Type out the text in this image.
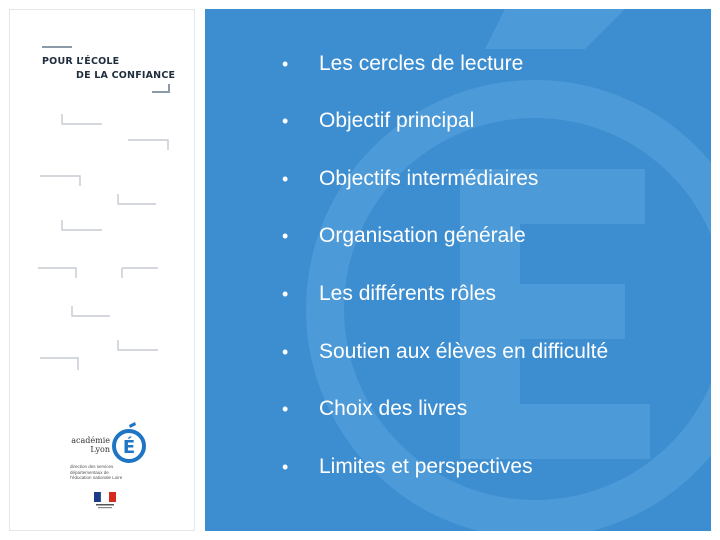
POUR L’ÉCOLE
DE LA CONFIANCE
académie
Lyon É
direction des services départementaux de l’éducation nationale Loire
• Les cercles de lecture
• Objectif principal
• Objectifs intermédiaires
• Organisation générale
• Les différents rôles
• Soutien aux élèves en difficulté
• Choix des livres
• Limites et perspectives
